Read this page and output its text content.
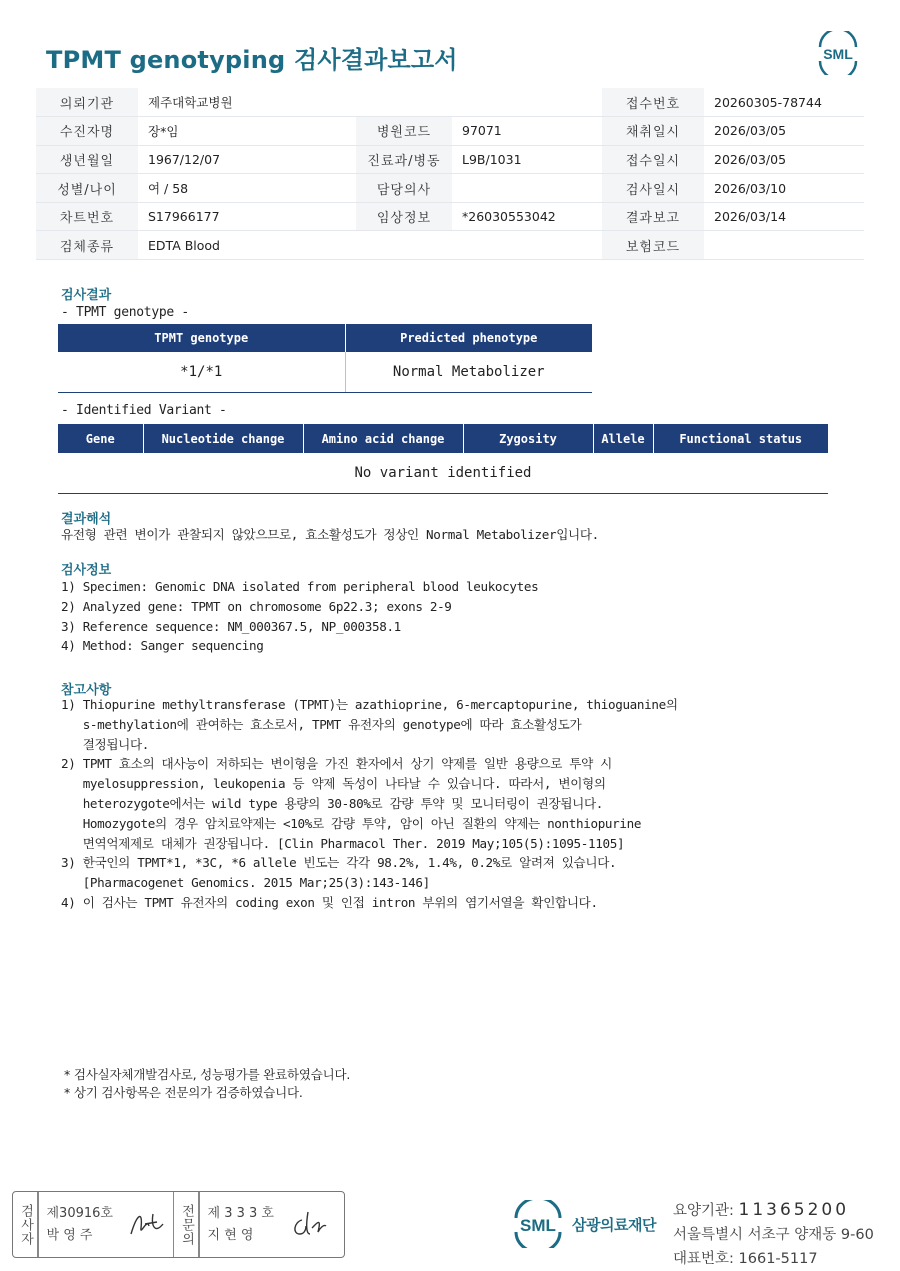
TPMT genotyping 검사결과보고서	SML
의뢰기관	제주대학교병원			접수번호	20260305-78744
수진자명	장*임	병원코드	97071	채취일시	2026/03/05
생년월일	1967/12/07	진료과/병동	L9B/1031	접수일시	2026/03/05
성별/나이	여 / 58	담당의사		검사일시	2026/03/10
차트번호	S17966177	임상정보	*26030553042	결과보고	2026/03/14
검체종류	EDTA Blood			보험코드	
검사결과
- TPMT genotype -
TPMT genotype	Predicted phenotype
*1/*1	Normal Metabolizer
- Identified Variant -
Gene	Nucleotide change	Amino acid change	Zygosity	Allele	Functional status
No variant identified
결과해석
유전형 관련 변이가 관찰되지 않았으므로, 효소활성도가 정상인 Normal Metabolizer입니다.
검사정보
1) Specimen: Genomic DNA isolated from peripheral blood leukocytes
2) Analyzed gene: TPMT on chromosome 6p22.3; exons 2-9
3) Reference sequence: NM_000367.5, NP_000358.1
4) Method: Sanger sequencing
참고사항
1) Thiopurine methyltransferase (TPMT)는 azathioprine, 6-mercaptopurine, thioguanine의
s-methylation에 관여하는 효소로서, TPMT 유전자의 genotype에 따라 효소활성도가
결정됩니다.
2) TPMT 효소의 대사능이 저하되는 변이형을 가진 환자에서 상기 약제를 일반 용량으로 투약 시
myelosuppression, leukopenia 등 약제 독성이 나타날 수 있습니다. 따라서, 변이형의
heterozygote에서는 wild type 용량의 30-80%로 감량 투약 및 모니터링이 권장됩니다.
Homozygote의 경우 암치료약제는 <10%로 감량 투약, 암이 아닌 질환의 약제는 nonthiopurine
면역억제제로 대체가 권장됩니다. [Clin Pharmacol Ther. 2019 May;105(5):1095-1105]
3) 한국인의 TPMT*1, *3C, *6 allele 빈도는 각각 98.2%, 1.4%, 0.2%로 알려져 있습니다.
[Pharmacogenet Genomics. 2015 Mar;25(3):143-146]
4) 이 검사는 TPMT 유전자의 coding exon 및 인접 intron 부위의 염기서열을 확인합니다.
* 검사실자체개발검사로, 성능평가를 완료하였습니다.
* 상기 검사항목은 전문의가 검증하였습니다.
검사자	제30916호
박 영 주	전문의	제 3 3 3 호
지 현 영	SML 삼광의료재단
요양기관: 11365200
서울특별시 서초구 양재동 9-60
대표번호: 1661-5117
